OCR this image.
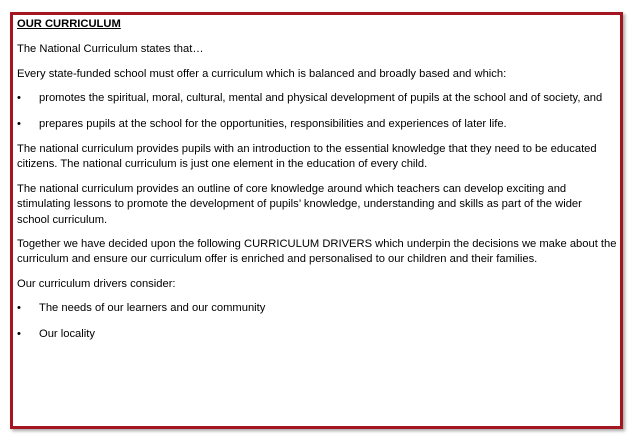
OUR CURRICULUM

The National Curriculum states that…

Every state-funded school must offer a curriculum which is balanced and broadly based and which:

• promotes the spiritual, moral, cultural, mental and physical development of pupils at the school and of society, and
• prepares pupils at the school for the opportunities, responsibilities and experiences of later life.

The national curriculum provides pupils with an introduction to the essential knowledge that they need to be educated citizens. The national curriculum is just one element in the education of every child.

The national curriculum provides an outline of core knowledge around which teachers can develop exciting and stimulating lessons to promote the development of pupils’ knowledge, understanding and skills as part of the wider school curriculum.

Together we have decided upon the following CURRICULUM DRIVERS which underpin the decisions we make about the curriculum and ensure our curriculum offer is enriched and personalised to our children and their families.

Our curriculum drivers consider:

• The needs of our learners and our community
• Our locality
